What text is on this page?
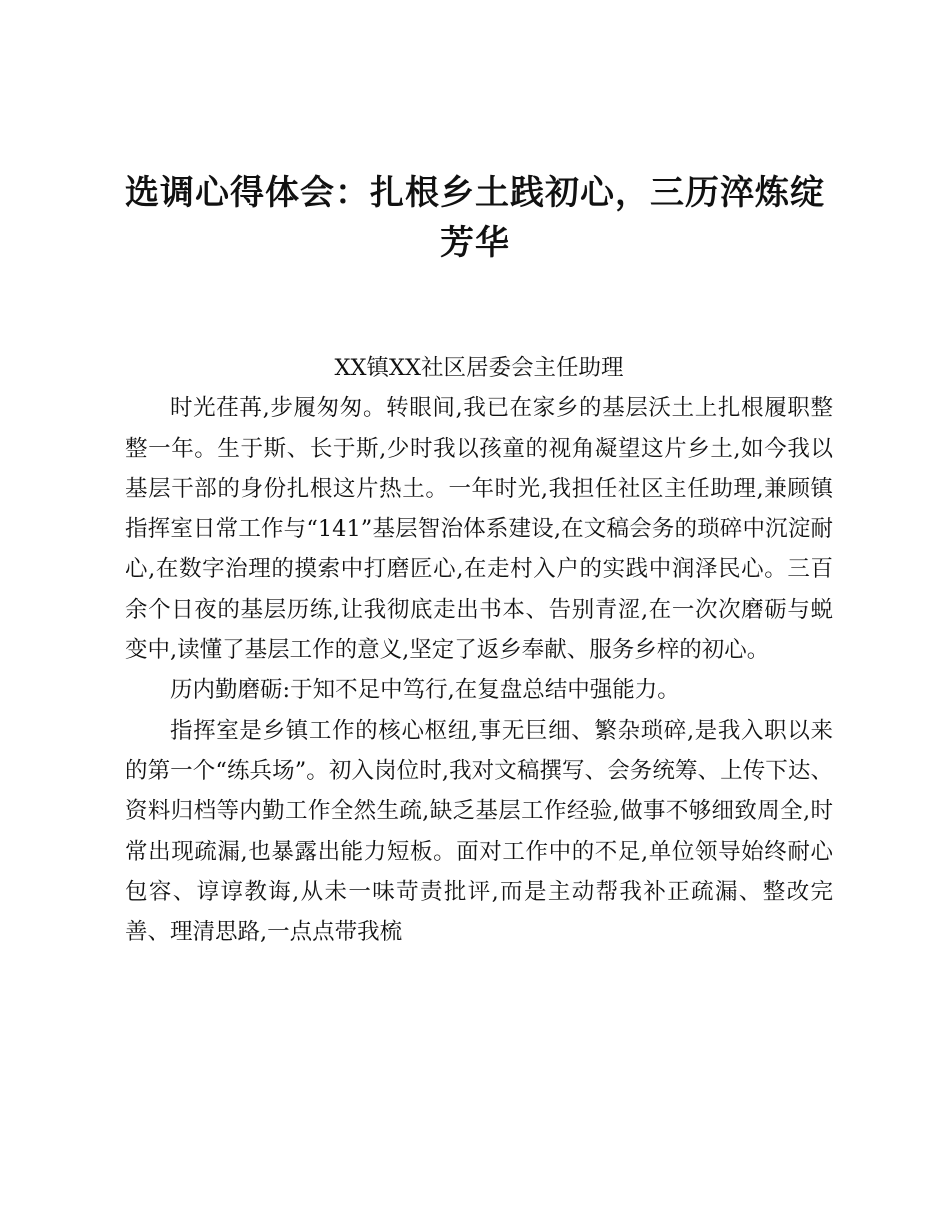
选调心得体会：扎根乡土践初心，三历淬炼绽芳华

XX镇XX社区居委会主任助理

时光荏苒,步履匆匆。转眼间,我已在家乡的基层沃土上扎根履职整整一年。生于斯、长于斯,少时我以孩童的视角凝望这片乡土,如今我以基层干部的身份扎根这片热土。一年时光,我担任社区主任助理,兼顾镇指挥室日常工作与“141”基层智治体系建设,在文稿会务的琐碎中沉淀耐心,在数字治理的摸索中打磨匠心,在走村入户的实践中润泽民心。三百余个日夜的基层历练,让我彻底走出书本、告别青涩,在一次次磨砺与蜕变中,读懂了基层工作的意义,坚定了返乡奉献、服务乡梓的初心。

历内勤磨砺:于知不足中笃行,在复盘总结中强能力。

指挥室是乡镇工作的核心枢纽,事无巨细、繁杂琐碎,是我入职以来的第一个“练兵场”。初入岗位时,我对文稿撰写、会务统筹、上传下达、资料归档等内勤工作全然生疏,缺乏基层工作经验,做事不够细致周全,时常出现疏漏,也暴露出能力短板。面对工作中的不足,单位领导始终耐心包容、谆谆教诲,从未一味苛责批评,而是主动帮我补正疏漏、整改完善、理清思路,一点点带我梳
